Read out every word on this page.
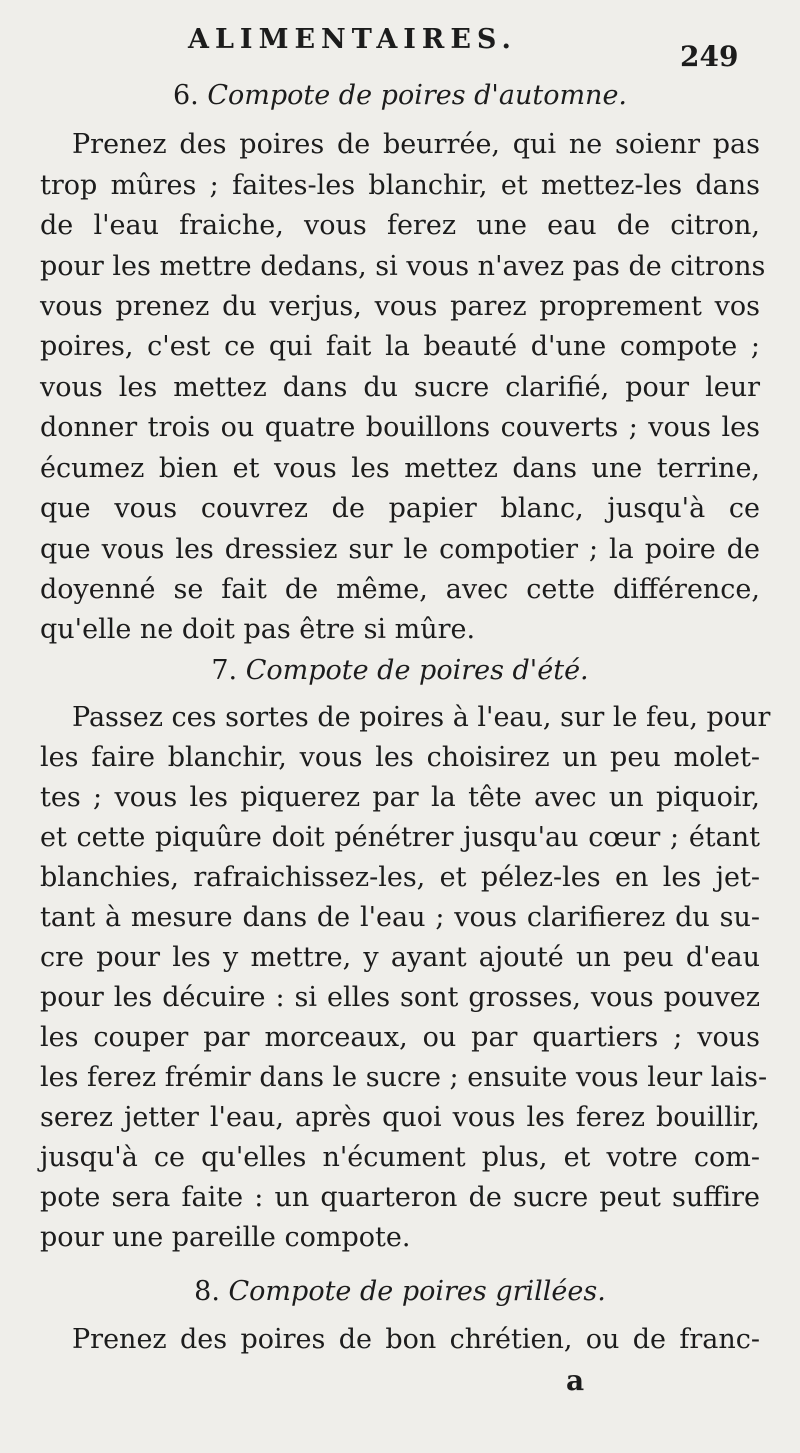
ALIMENTAIRES.
249
6. Compote de poires d'automne.
Prenez des poires de beurrée, qui ne soienr pas
trop mûres ; faites-les blanchir, et mettez-les dans
de l'eau fraiche, vous ferez une eau de citron,
pour les mettre dedans, si vous n'avez pas de citrons
vous prenez du verjus, vous parez proprement vos
poires, c'est ce qui fait la beauté d'une compote ;
vous les mettez dans du sucre clarifié, pour leur
donner trois ou quatre bouillons couverts ; vous les
écumez bien et vous les mettez dans une terrine,
que vous couvrez de papier blanc, jusqu'à ce
que vous les dressiez sur le compotier ; la poire de
doyenné se fait de même, avec cette différence,
qu'elle ne doit pas être si mûre.
7. Compote de poires d'été.
Passez ces sortes de poires à l'eau, sur le feu, pour
les faire blanchir, vous les choisirez un peu molet-
tes ; vous les piquerez par la tête avec un piquoir,
et cette piquûre doit pénétrer jusqu'au cœur ; étant
blanchies, rafraichissez-les, et pélez-les en les jet-
tant à mesure dans de l'eau ; vous clarifierez du su-
cre pour les y mettre, y ayant ajouté un peu d'eau
pour les décuire : si elles sont grosses, vous pouvez
les couper par morceaux, ou par quartiers ; vous
les ferez frémir dans le sucre ; ensuite vous leur lais-
serez jetter l'eau, après quoi vous les ferez bouillir,
jusqu'à ce qu'elles n'écument plus, et votre com-
pote sera faite : un quarteron de sucre peut suffire
pour une pareille compote.
8. Compote de poires grillées.
Prenez des poires de bon chrétien, ou de franc-
a
